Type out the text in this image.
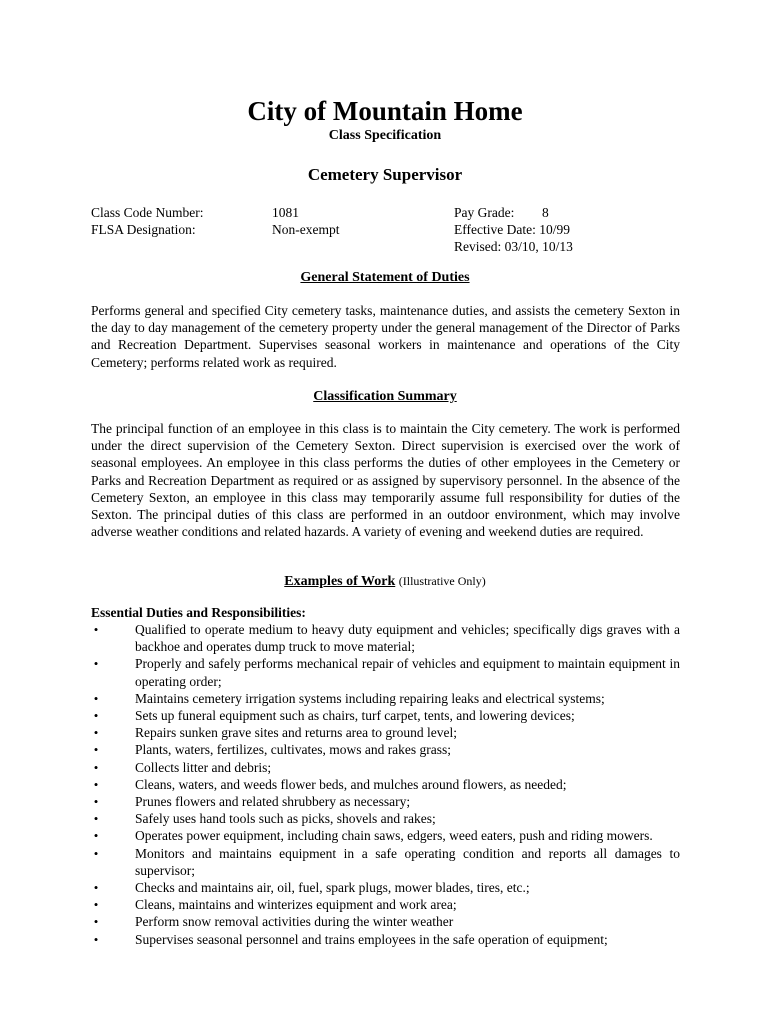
City of Mountain Home
Class Specification
Cemetery Supervisor
Class Code Number:	1081
FLSA Designation:	Non-exempt
Pay Grade: 8
Effective Date: 10/99
Revised: 03/10, 10/13
General Statement of Duties

Performs general and specified City cemetery tasks, maintenance duties, and assists the cemetery Sexton in the day to day management of the cemetery property under the general management of the Director of Parks and Recreation Department. Supervises seasonal workers in maintenance and operations of the City Cemetery; performs related work as required.

Classification Summary

The principal function of an employee in this class is to maintain the City cemetery. The work is performed under the direct supervision of the Cemetery Sexton. Direct supervision is exercised over the work of seasonal employees. An employee in this class performs the duties of other employees in the Cemetery or Parks and Recreation Department as required or as assigned by supervisory personnel. In the absence of the Cemetery Sexton, an employee in this class may temporarily assume full responsibility for duties of the Sexton. The principal duties of this class are performed in an outdoor environment, which may involve adverse weather conditions and related hazards. A variety of evening and weekend duties are required.

Examples of Work (Illustrative Only)
Essential Duties and Responsibilities:
•	Qualified to operate medium to heavy duty equipment and vehicles; specifically digs graves with a backhoe and operates dump truck to move material;
•	Properly and safely performs mechanical repair of vehicles and equipment to maintain equipment in operating order;
•	Maintains cemetery irrigation systems including repairing leaks and electrical systems;
•	Sets up funeral equipment such as chairs, turf carpet, tents, and lowering devices;
•	Repairs sunken grave sites and returns area to ground level;
•	Plants, waters, fertilizes, cultivates, mows and rakes grass;
•	Collects litter and debris;
•	Cleans, waters, and weeds flower beds, and mulches around flowers, as needed;
•	Prunes flowers and related shrubbery as necessary;
•	Safely uses hand tools such as picks, shovels and rakes;
•	Operates power equipment, including chain saws, edgers, weed eaters, push and riding mowers.
•	Monitors and maintains equipment in a safe operating condition and reports all damages to supervisor;
•	Checks and maintains air, oil, fuel, spark plugs, mower blades, tires, etc.;
•	Cleans, maintains and winterizes equipment and work area;
•	Perform snow removal activities during the winter weather
•	Supervises seasonal personnel and trains employees in the safe operation of equipment;
